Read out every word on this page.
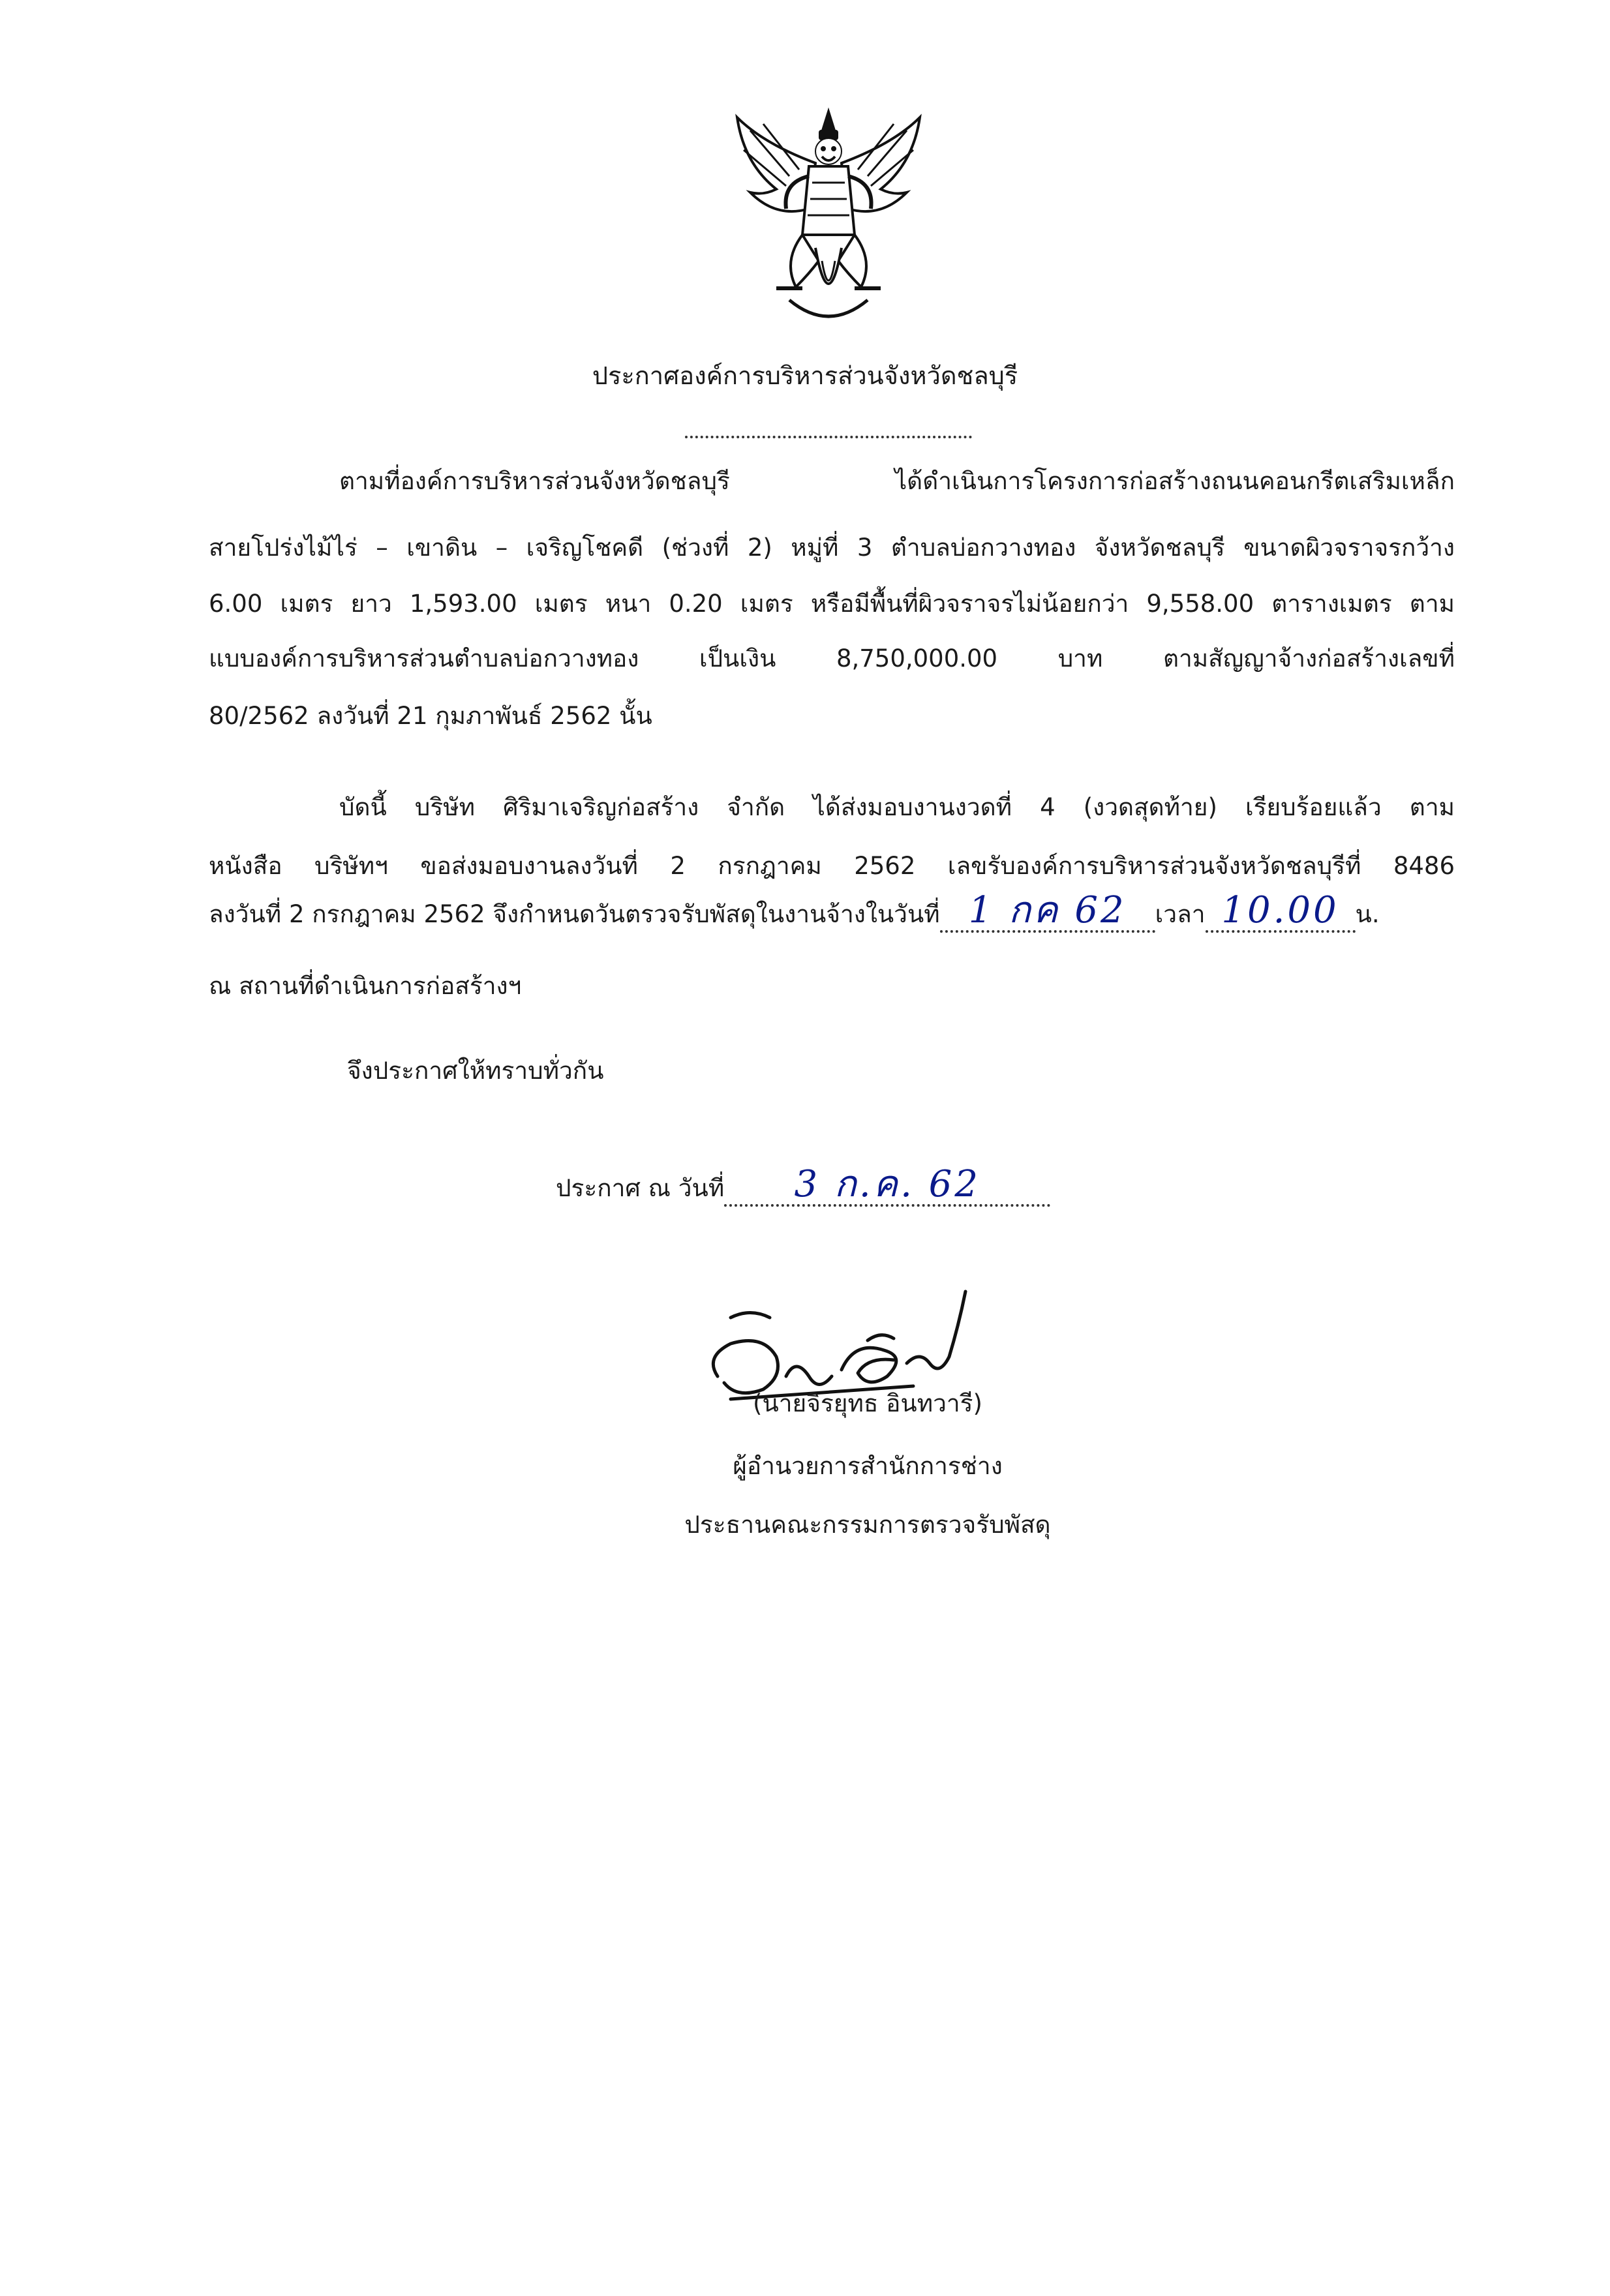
ประกาศองค์การบริหารส่วนจังหวัดชลบุรี
ตามที่องค์การบริหารส่วนจังหวัดชลบุรี ได้ดำเนินการโครงการก่อสร้างถนนคอนกรีตเสริมเหล็ก
สายโปร่งไม้ไร่ – เขาดิน – เจริญโชคดี (ช่วงที่ 2) หมู่ที่ 3 ตำบลบ่อกวางทอง จังหวัดชลบุรี ขนาดผิวจราจรกว้าง
6.00 เมตร ยาว 1,593.00 เมตร หนา 0.20 เมตร หรือมีพื้นที่ผิวจราจรไม่น้อยกว่า 9,558.00 ตารางเมตร ตาม
แบบองค์การบริหารส่วนตำบลบ่อกวางทอง เป็นเงิน 8,750,000.00 บาท ตามสัญญาจ้างก่อสร้างเลขที่
80/2562 ลงวันที่ 21 กุมภาพันธ์ 2562 นั้น
บัดนี้ บริษัท ศิริมาเจริญก่อสร้าง จำกัด ได้ส่งมอบงานงวดที่ 4 (งวดสุดท้าย) เรียบร้อยแล้ว ตาม
หนังสือ บริษัทฯ ขอส่งมอบงานลงวันที่ 2 กรกฎาคม 2562 เลขรับองค์การบริหารส่วนจังหวัดชลบุรีที่ 8486
ลงวันที่ 2 กรกฎาคม 2562 จึงกำหนดวันตรวจรับพัสดุในงานจ้างในวันที่ 1 กค 62 เวลา 10.00 น.
ณ สถานที่ดำเนินการก่อสร้างฯ
จึงประกาศให้ทราบทั่วกัน
ประกาศ ณ วันที่ 3 ก.ค. 62
(นายจิรยุทธ อินทวารี)
ผู้อำนวยการสำนักการช่าง
ประธานคณะกรรมการตรวจรับพัสดุ
